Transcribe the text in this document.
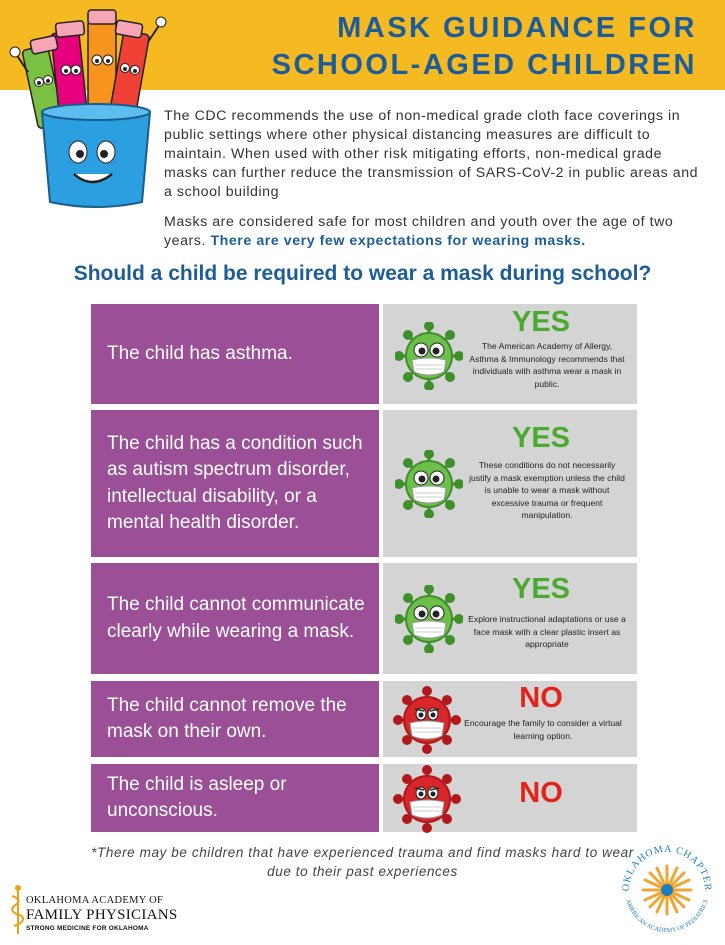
MASK GUIDANCE FOR
SCHOOL-AGED CHILDREN

The CDC recommends the use of non-medical grade cloth face coverings in public settings where other physical distancing measures are difficult to maintain. When used with other risk mitigating efforts, non-medical grade masks can further reduce the transmission of SARS-CoV-2 in public areas and a school building

Masks are considered safe for most children and youth over the age of two years. There are very few expectations for wearing masks.

Should a child be required to wear a mask during school?
The child has asthma.
YES
The American Academy of Allergy, Asthma & Immunology recommends that individuals with asthma wear a mask in public.
The child has a condition such as autism spectrum disorder, intellectual disability, or a mental health disorder.
YES
These conditions do not necessarily justify a mask exemption unless the child is unable to wear a mask without excessive trauma or frequent manipulation.
The child cannot communicate clearly while wearing a mask.
YES
Explore instructional adaptations or use a face mask with a clear plastic insert as appropriate
The child cannot remove the mask on their own.
NO
Encourage the family to consider a virtual learning option.
The child is asleep or unconscious.
NO
*There may be children that have experienced trauma and find masks hard to wear due to their past experiences
OKLAHOMA ACADEMY OF
FAMILY PHYSICIANS
STRONG MEDICINE FOR OKLAHOMA
OKLAHOMA CHAPTER
AMERICAN ACADEMY OF PEDIATRICS
